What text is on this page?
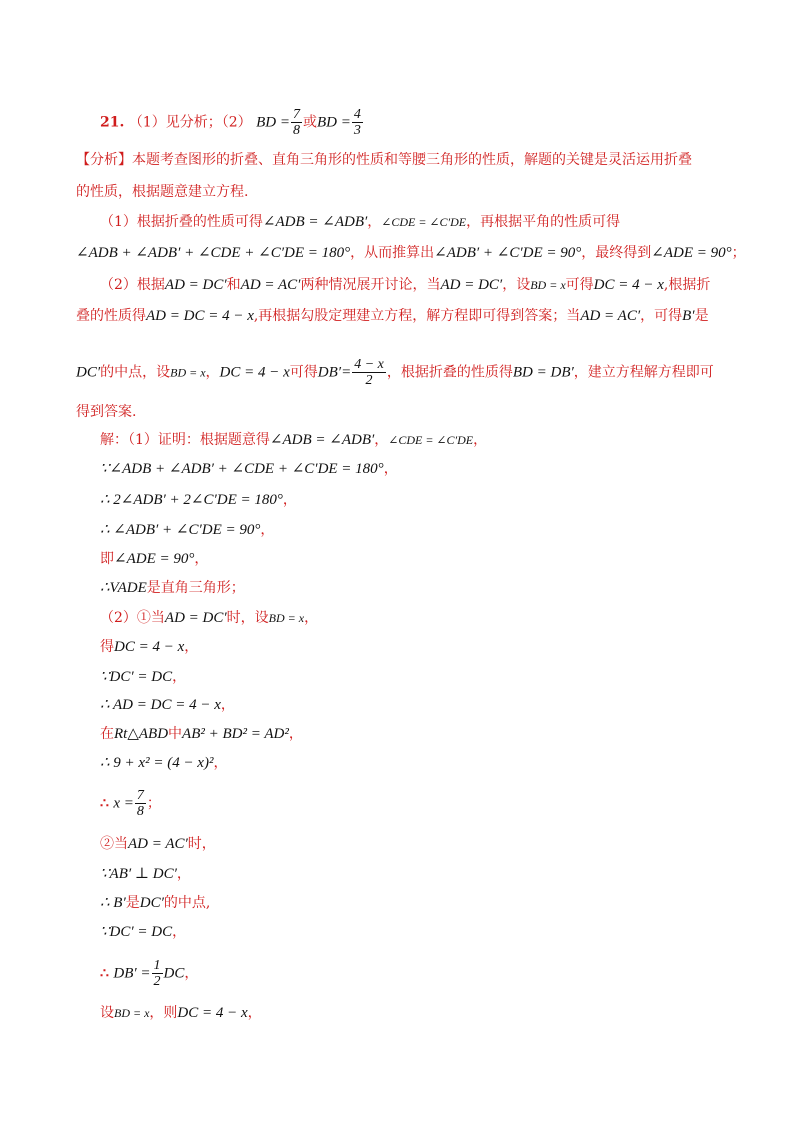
21. （1）见分析；（2） BD = $\frac{7}{8}$ 或BD = $\frac{4}{3}$
【分析】本题考查图形的折叠、直角三角形的性质和等腰三角形的性质，解题的关键是灵活运用折叠
的性质，根据题意建立方程.
（1）根据折叠的性质可得∠ADB = ∠ADB′，∠CDE = ∠C′DE，再根据平角的性质可得
∠ADB + ∠ADB′ + ∠CDE + ∠C′DE = 180°，从而推算出∠ADB′ + ∠C′DE = 90°，最终得到∠ADE = 90°；
（2）根据AD = DC′和AD = AC′两种情况展开讨论，当AD = DC′，设BD = x可得DC = 4 − x,根据折
叠的性质得AD = DC = 4 − x,再根据勾股定理建立方程，解方程即可得到答案；当AD = AC′，可得B′是
DC′的中点，设BD = x，DC = 4 − x可得$DB'= \frac{4 - x}{2}$ ，根据折叠的性质得BD = DB′，建立方程解方程即可
得到答案.
解：（1）证明：根据题意得∠ADB = ∠ADB′，∠CDE = ∠C′DE，
∵∠ADB + ∠ADB′ + ∠CDE + ∠C′DE = 180°，
∴ 2∠ADB′ + 2∠C′DE = 180°，
∴ ∠ADB′ + ∠C′DE = 90°，
即∠ADE = 90°，
∴VADE是直角三角形；
（2）①当AD = DC′时，设BD = x，
得DC = 4 − x，
∵DC′ = DC，
∴ AD = DC = 4 − x，
在Rt△ABD中AB² + BD² = AD²，
∴ 9 + x² = (4 − x)²，
∴ $x = \frac{7}{8}$ ；
②当AD = AC′时，
∵AB′ ⊥ DC′，
∴ B′是DC′的中点,
∵DC′ = DC，
∴ $DB' = \frac{1}{2}$ DC，
设BD = x，则DC = 4 − x，
